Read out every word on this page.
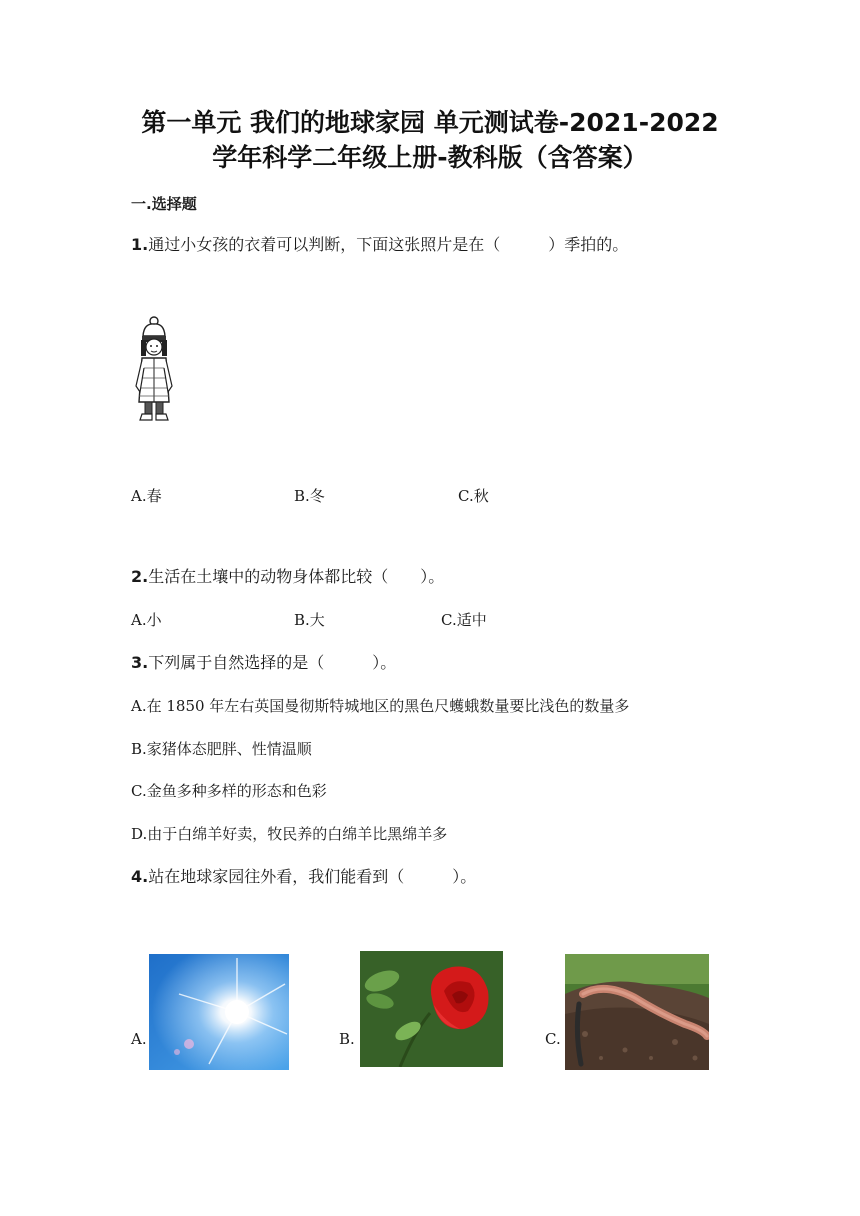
第一单元 我们的地球家园 单元测试卷-2021-2022
学年科学二年级上册-教科版（含答案）
一.选择题
1.通过小女孩的衣着可以判断，下面这张照片是在（　　　）季拍的。
A.春	B.冬	C.秋
2.生活在土壤中的动物身体都比较（　　）。
A.小	B.大	C.适中
3.下列属于自然选择的是（　　　）。
A.在 1850 年左右英国曼彻斯特城地区的黑色尺蠖蛾数量要比浅色的数量多
B.家猪体态肥胖、性情温顺
C.金鱼多种多样的形态和色彩
D.由于白绵羊好卖，牧民养的白绵羊比黑绵羊多
4.站在地球家园往外看，我们能看到（　　　）。
A.	B.	C.
